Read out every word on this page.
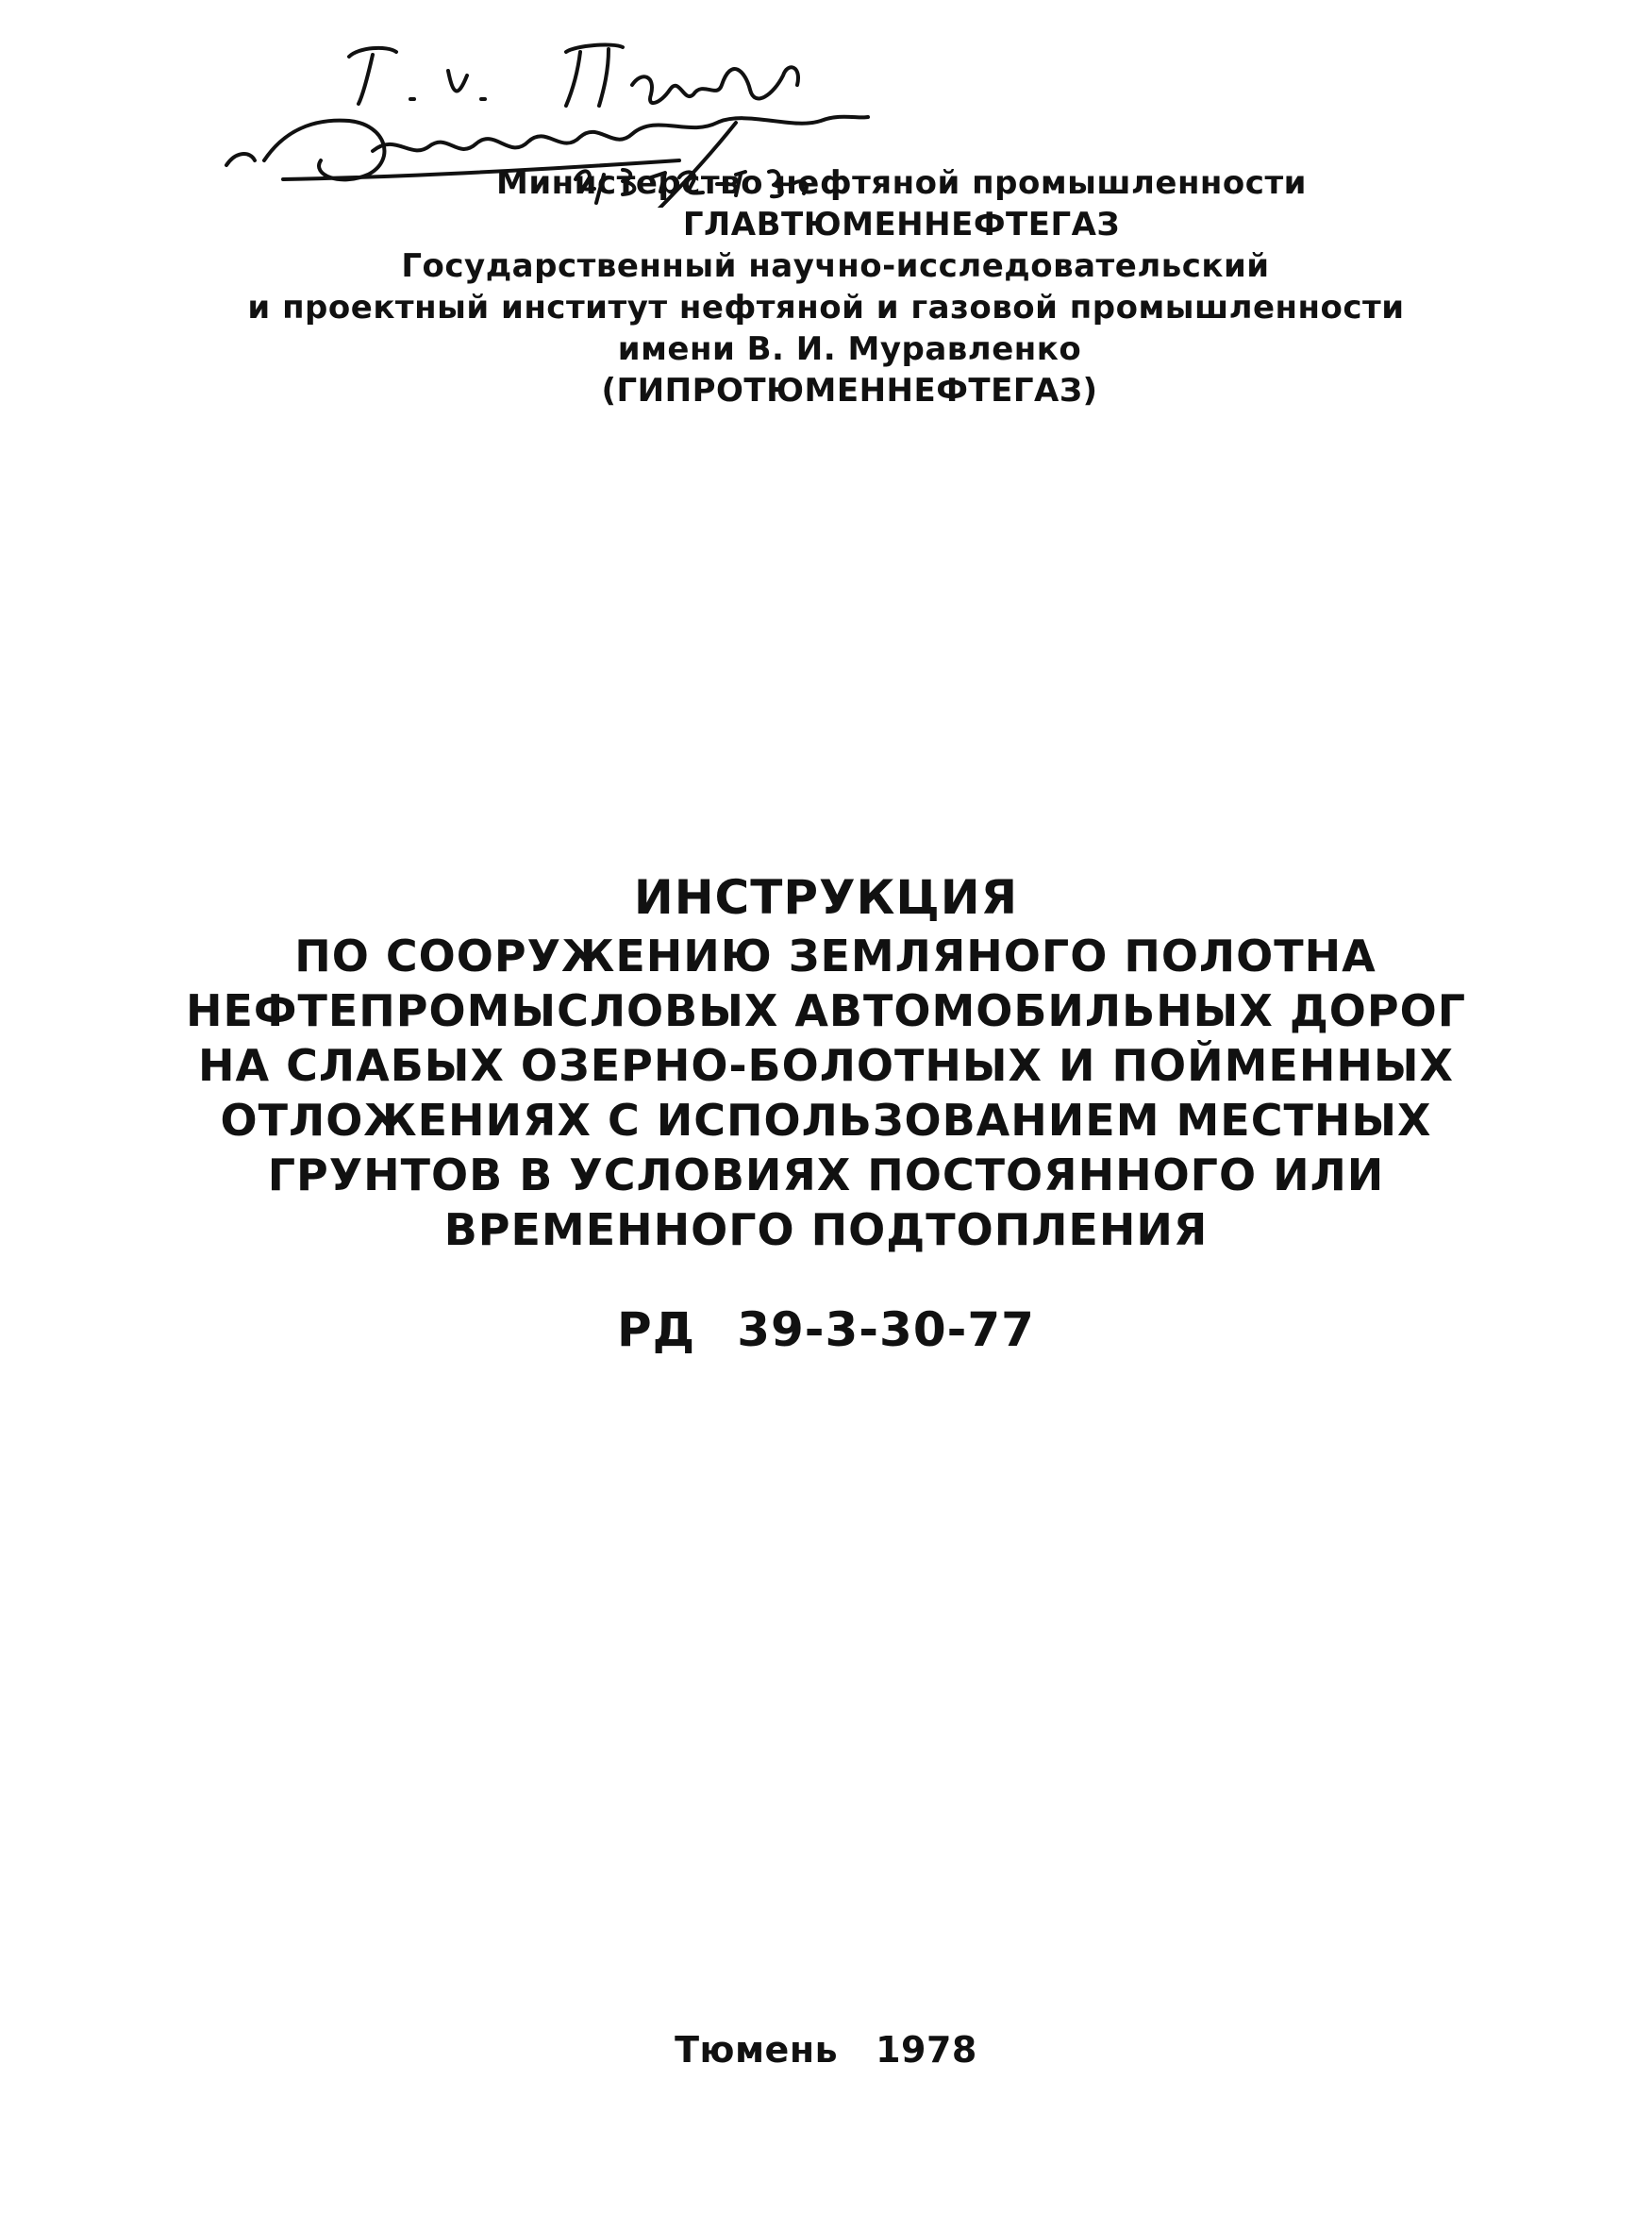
Министерство нефтяной промышленности
ГЛАВТЮМЕННЕФТЕГАЗ
Государственный научно-исследовательский
и проектный институт нефтяной и газовой промышленности
имени В. И. Муравленко
(ГИПРОТЮМЕННЕФТЕГАЗ)
ИНСТРУКЦИЯ
ПО СООРУЖЕНИЮ ЗЕМЛЯНОГО ПОЛОТНА
НЕФТЕПРОМЫСЛОВЫХ АВТОМОБИЛЬНЫХ ДОРОГ
НА СЛАБЫХ ОЗЕРНО-БОЛОТНЫХ И ПОЙМЕННЫХ
ОТЛОЖЕНИЯХ С ИСПОЛЬЗОВАНИЕМ МЕСТНЫХ
ГРУНТОВ В УСЛОВИЯХ ПОСТОЯННОГО ИЛИ
ВРЕМЕННОГО ПОДТОПЛЕНИЯ
РД 39-3-30-77
Тюмень 1978
